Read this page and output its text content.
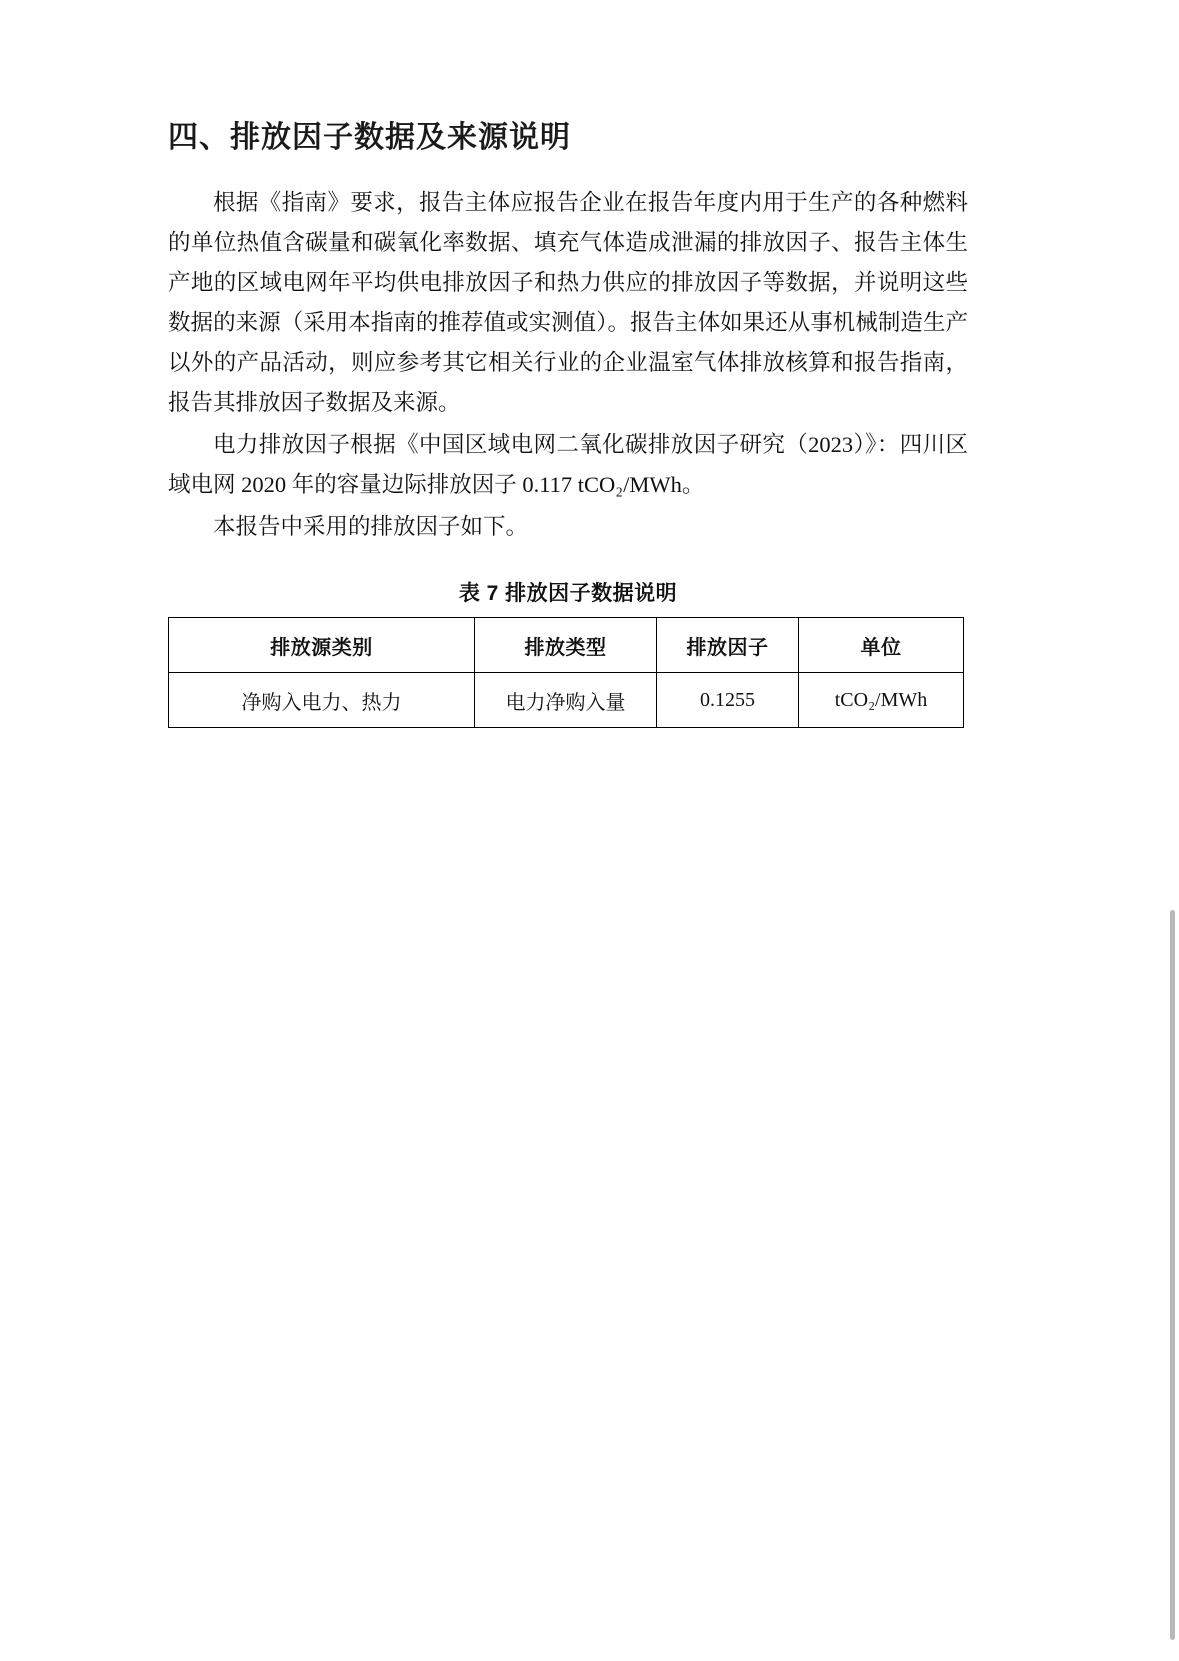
四、排放因子数据及来源说明

根据《指南》要求，报告主体应报告企业在报告年度内用于生产的各种燃料的单位热值含碳量和碳氧化率数据、填充气体造成泄漏的排放因子、报告主体生产地的区域电网年平均供电排放因子和热力供应的排放因子等数据，并说明这些数据的来源（采用本指南的推荐值或实测值）。报告主体如果还从事机械制造生产以外的产品活动，则应参考其它相关行业的企业温室气体排放核算和报告指南，报告其排放因子数据及来源。

电力排放因子根据《中国区域电网二氧化碳排放因子研究（2023）》：四川区域电网 2020 年的容量边际排放因子 0.117 tCO₂/MWh。

本报告中采用的排放因子如下。

表 7 排放因子数据说明
排放源类别	排放类型	排放因子	单位
净购入电力、热力	电力净购入量	0.1255	tCO₂/MWh
